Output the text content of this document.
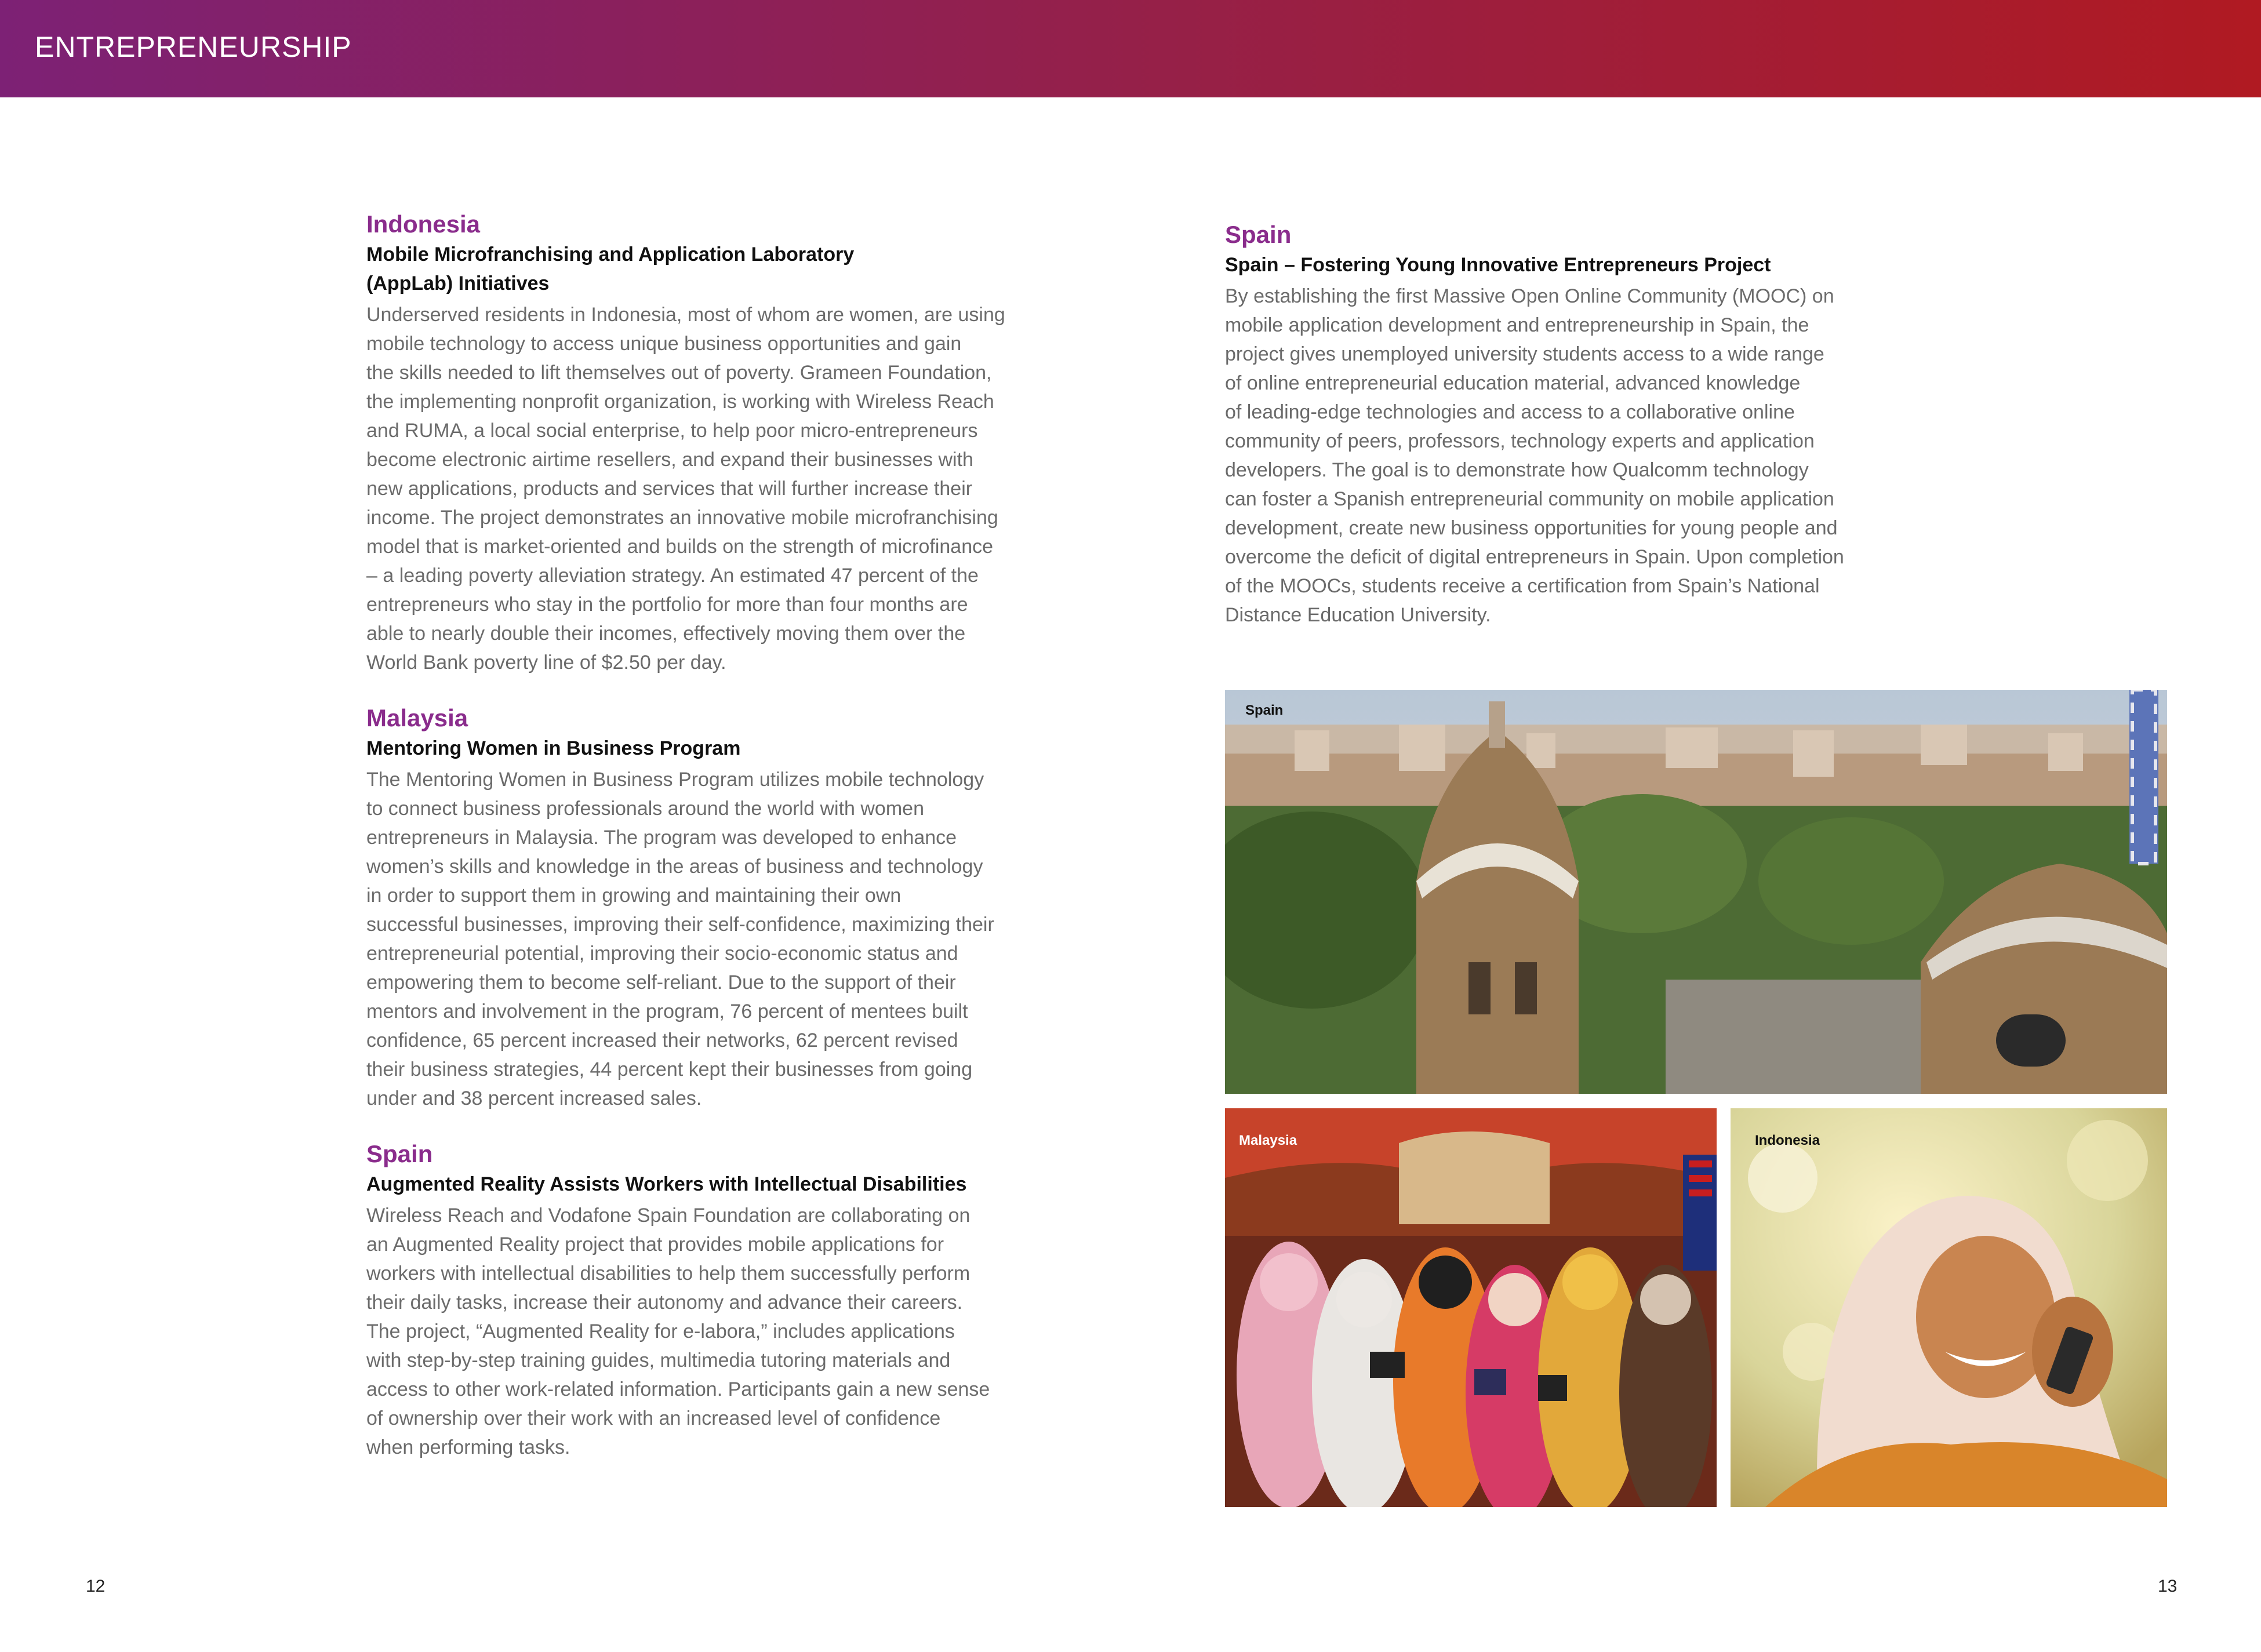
ENTREPRENEURSHIP
Indonesia
Mobile Microfranchising and Application Laboratory
(AppLab) Initiatives
Underserved residents in Indonesia, most of whom are women, are using
mobile technology to access unique business opportunities and gain
the skills needed to lift themselves out of poverty. Grameen Foundation,
the implementing nonprofit organization, is working with Wireless Reach
and RUMA, a local social enterprise, to help poor micro-entrepreneurs
become electronic airtime resellers, and expand their businesses with
new applications, products and services that will further increase their
income. The project demonstrates an innovative mobile microfranchising
model that is market-oriented and builds on the strength of microfinance
– a leading poverty alleviation strategy. An estimated 47 percent of the
entrepreneurs who stay in the portfolio for more than four months are
able to nearly double their incomes, effectively moving them over the
World Bank poverty line of $2.50 per day.
Malaysia
Mentoring Women in Business Program
The Mentoring Women in Business Program utilizes mobile technology
to connect business professionals around the world with women
entrepreneurs in Malaysia. The program was developed to enhance
women’s skills and knowledge in the areas of business and technology
in order to support them in growing and maintaining their own
successful businesses, improving their self-confidence, maximizing their
entrepreneurial potential, improving their socio-economic status and
empowering them to become self-reliant. Due to the support of their
mentors and involvement in the program, 76 percent of mentees built
confidence, 65 percent increased their networks, 62 percent revised
their business strategies, 44 percent kept their businesses from going
under and 38 percent increased sales.
Spain
Augmented Reality Assists Workers with Intellectual Disabilities
Wireless Reach and Vodafone Spain Foundation are collaborating on
an Augmented Reality project that provides mobile applications for
workers with intellectual disabilities to help them successfully perform
their daily tasks, increase their autonomy and advance their careers.
The project, “Augmented Reality for e-labora,” includes applications
with step-by-step training guides, multimedia tutoring materials and
access to other work-related information. Participants gain a new sense
of ownership over their work with an increased level of confidence
when performing tasks.
Spain
Spain – Fostering Young Innovative Entrepreneurs Project
By establishing the first Massive Open Online Community (MOOC) on
mobile application development and entrepreneurship in Spain, the
project gives unemployed university students access to a wide range
of online entrepreneurial education material, advanced knowledge
of leading-edge technologies and access to a collaborative online
community of peers, professors, technology experts and application
developers. The goal is to demonstrate how Qualcomm technology
can foster a Spanish entrepreneurial community on mobile application
development, create new business opportunities for young people and
overcome the deficit of digital entrepreneurs in Spain. Upon completion
of the MOOCs, students receive a certification from Spain’s National
Distance Education University.
Spain
Malaysia	Indonesia
12	13
